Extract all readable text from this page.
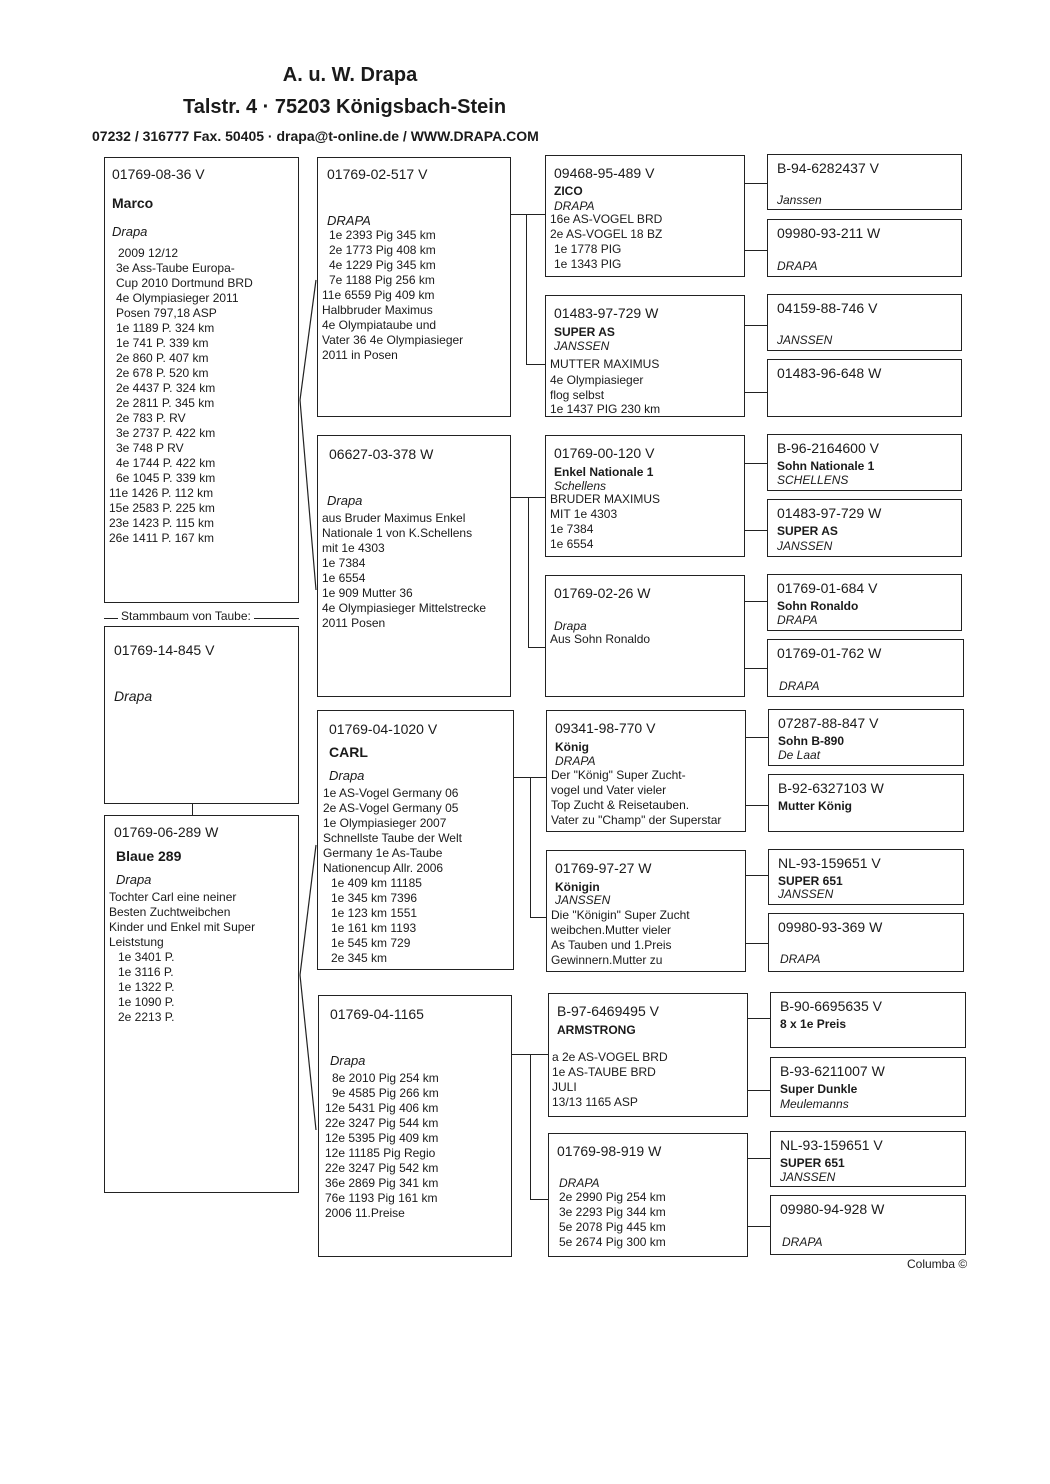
A. u. W. Drapa
Talstr. 4 · 75203 Königsbach-Stein
07232 / 316777 Fax. 50405 · drapa@t-online.de / WWW.DRAPA.COM
01769-08-36 V
Marco
Drapa
2009 12/12
3e Ass-Taube Europa-
Cup 2010 Dortmund BRD
4e Olympiasieger 2011
Posen 797,18 ASP
1e 1189 P. 324 km
1e 741 P. 339 km
2e 860 P. 407 km
2e 678 P. 520 km
2e 4437 P. 324 km
2e 2811 P. 345 km
2e 783 P. RV
3e 2737 P. 422 km
3e 748 P RV
4e 1744 P. 422 km
6e 1045 P. 339 km
11e 1426 P. 112 km
15e 2583 P. 225 km
23e 1423 P. 115 km
26e 1411 P. 167 km
Stammbaum von Taube:
01769-14-845 V
Drapa
01769-06-289 W
Blaue 289
Drapa
Tochter Carl eine neiner
Besten Zuchtweibchen
Kinder und Enkel mit Super
Leiststung
1e 3401 P.
1e 3116 P.
1e 1322 P.
1e 1090 P.
2e 2213 P.
01769-02-517 V
DRAPA
1e 2393 Pig 345 km
2e 1773 Pig 408 km
4e 1229 Pig 345 km
7e 1188 Pig 256 km
11e 6559 Pig 409 km
Halbbruder Maximus
4e Olympiataube und
Vater 36 4e Olympiasieger
2011 in Posen
06627-03-378 W
Drapa
aus Bruder Maximus Enkel
Nationale 1 von K.Schellens
mit 1e 4303
1e 7384
1e 6554
1e 909 Mutter 36
4e Olympiasieger Mittelstrecke
2011 Posen
01769-04-1020 V
CARL
Drapa
1e AS-Vogel Germany 06
2e AS-Vogel Germany 05
1e Olympiasieger 2007
Schnellste Taube der Welt
Germany 1e As-Taube
Nationencup Allr. 2006
1e 409 km 11185
1e 345 km 7396
1e 123 km 1551
1e 161 km 1193
1e 545 km 729
2e 345 km
01769-04-1165
Drapa
8e 2010 Pig 254 km
9e 4585 Pig 266 km
12e 5431 Pig 406 km
22e 3247 Pig 544 km
12e 5395 Pig 409 km
12e 11185 Pig Regio
22e 3247 Pig 542 km
36e 2869 Pig 341 km
76e 1193 Pig 161 km
2006 11.Preise
09468-95-489 V
ZICO
DRAPA
16e AS-VOGEL BRD
2e AS-VOGEL 18 BZ
1e 1778 PIG
1e 1343 PIG
01483-97-729 W
SUPER AS
JANSSEN
MUTTER MAXIMUS
4e Olympiasieger
flog selbst
1e 1437 PIG 230 km
01769-00-120 V
Enkel Nationale 1
Schellens
BRUDER MAXIMUS
MIT 1e 4303
1e 7384
1e 6554
01769-02-26 W
Drapa
Aus Sohn Ronaldo
09341-98-770 V
König
DRAPA
Der "König" Super Zucht-
vogel und Vater vieler
Top Zucht & Reisetauben.
Vater zu "Champ" der Superstar
01769-97-27 W
Königin
JANSSEN
Die "Königin" Super Zucht
weibchen.Mutter vieler
As Tauben und 1.Preis
Gewinnern.Mutter zu
B-97-6469495 V
ARMSTRONG
a 2e AS-VOGEL BRD
1e AS-TAUBE BRD
JULI
13/13 1165 ASP
01769-98-919 W
DRAPA
2e 2990 Pig 254 km
3e 2293 Pig 344 km
5e 2078 Pig 445 km
5e 2674 Pig 300 km
B-94-6282437 V
Janssen
09980-93-211 W
DRAPA
04159-88-746 V
JANSSEN
01483-96-648 W
B-96-2164600 V
Sohn Nationale 1
SCHELLENS
01483-97-729 W
SUPER AS
JANSSEN
01769-01-684 V
Sohn Ronaldo
DRAPA
01769-01-762 W
DRAPA
07287-88-847 V
Sohn B-890
De Laat
B-92-6327103 W
Mutter König
NL-93-159651 V
SUPER 651
JANSSEN
09980-93-369 W
DRAPA
B-90-6695635 V
8 x 1e Preis
B-93-6211007 W
Super Dunkle
Meulemanns
NL-93-159651 V
SUPER 651
JANSSEN
09980-94-928 W
DRAPA
Columba ©
